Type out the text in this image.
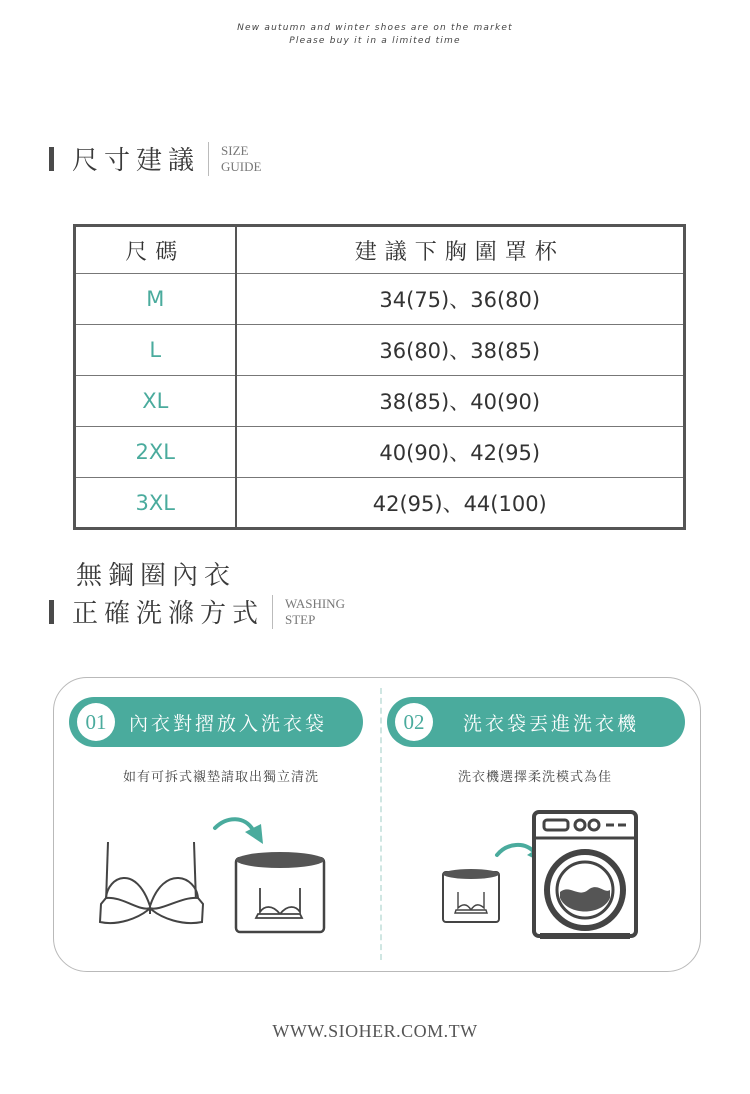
New autumn and winter shoes are on the market
Please buy it in a limited time
尺寸建議 SIZE
GUIDE
尺碼	建議下胸圍罩杯
M	34(75)、36(80)
L	36(80)、38(85)
XL	38(85)、40(90)
2XL	40(90)、42(95)
3XL	42(95)、44(100)
無鋼圈內衣
正確洗滌方式 WASHING
STEP
01	內衣對摺放入洗衣袋	02	洗衣袋丟進洗衣機
如有可拆式襯墊請取出獨立清洗	洗衣機選擇柔洗模式為佳
WWW.SIOHER.COM.TW
